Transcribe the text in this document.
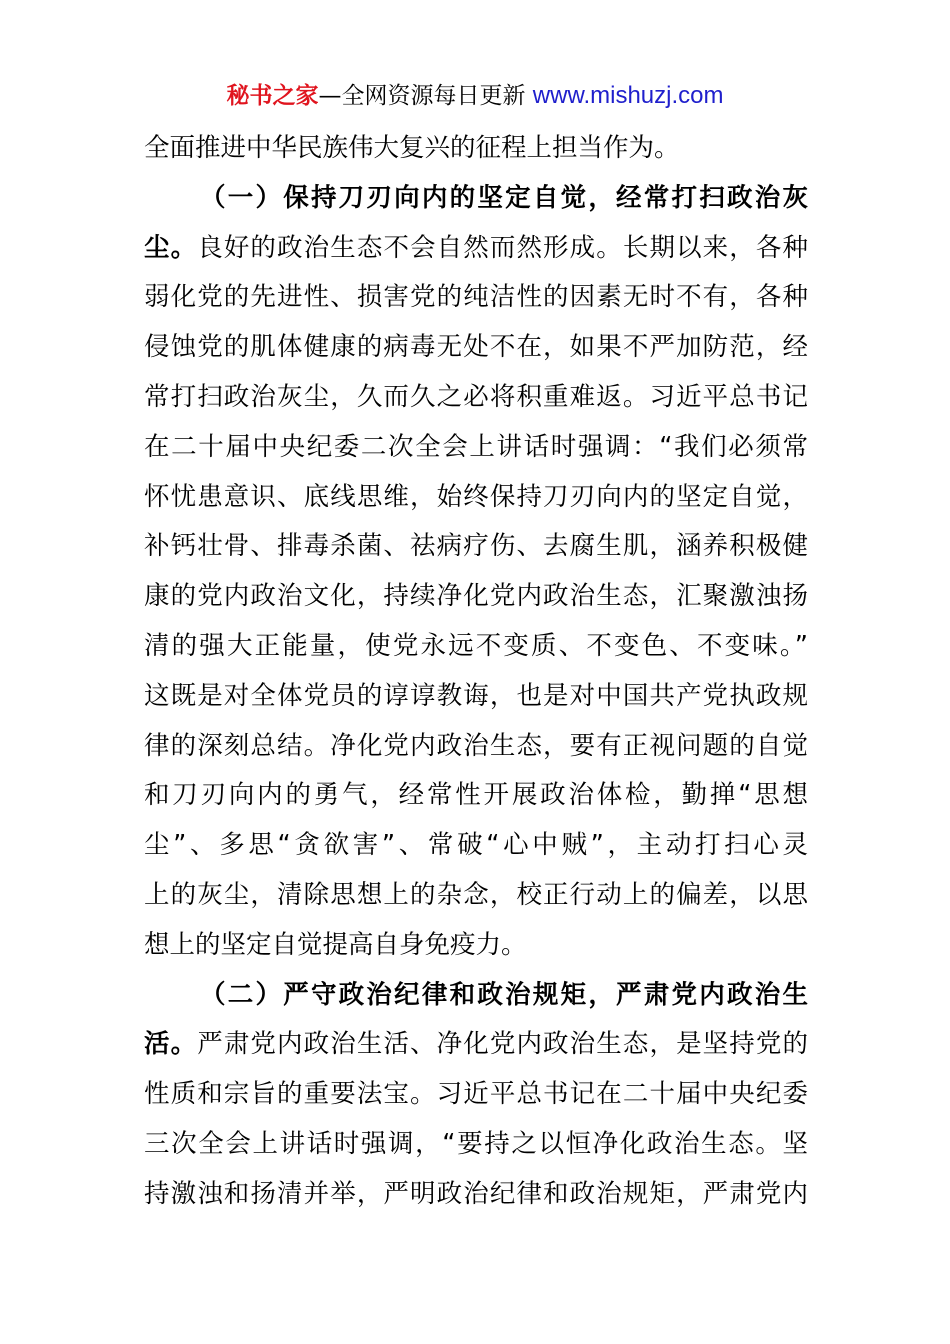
秘书之家—全网资源每日更新 www.mishuzj.com
全面推进中华民族伟大复兴的征程上担当作为。
（一）保持刀刃向内的坚定自觉，经常打扫政治灰
尘。良好的政治生态不会自然而然形成。长期以来，各种
弱化党的先进性、损害党的纯洁性的因素无时不有，各种
侵蚀党的肌体健康的病毒无处不在，如果不严加防范，经
常打扫政治灰尘，久而久之必将积重难返。习近平总书记
在二十届中央纪委二次全会上讲话时强调：“我们必须常
怀忧患意识、底线思维，始终保持刀刃向内的坚定自觉，
补钙壮骨、排毒杀菌、祛病疗伤、去腐生肌，涵养积极健
康的党内政治文化，持续净化党内政治生态，汇聚激浊扬
清的强大正能量，使党永远不变质、不变色、不变味。”
这既是对全体党员的谆谆教诲，也是对中国共产党执政规
律的深刻总结。净化党内政治生态，要有正视问题的自觉
和刀刃向内的勇气，经常性开展政治体检，勤掸“思想
尘”、多思“贪欲害”、常破“心中贼”，主动打扫心灵
上的灰尘，清除思想上的杂念，校正行动上的偏差，以思
想上的坚定自觉提高自身免疫力。
（二）严守政治纪律和政治规矩，严肃党内政治生
活。严肃党内政治生活、净化党内政治生态，是坚持党的
性质和宗旨的重要法宝。习近平总书记在二十届中央纪委
三次全会上讲话时强调，“要持之以恒净化政治生态。坚
持激浊和扬清并举，严明政治纪律和政治规矩，严肃党内
